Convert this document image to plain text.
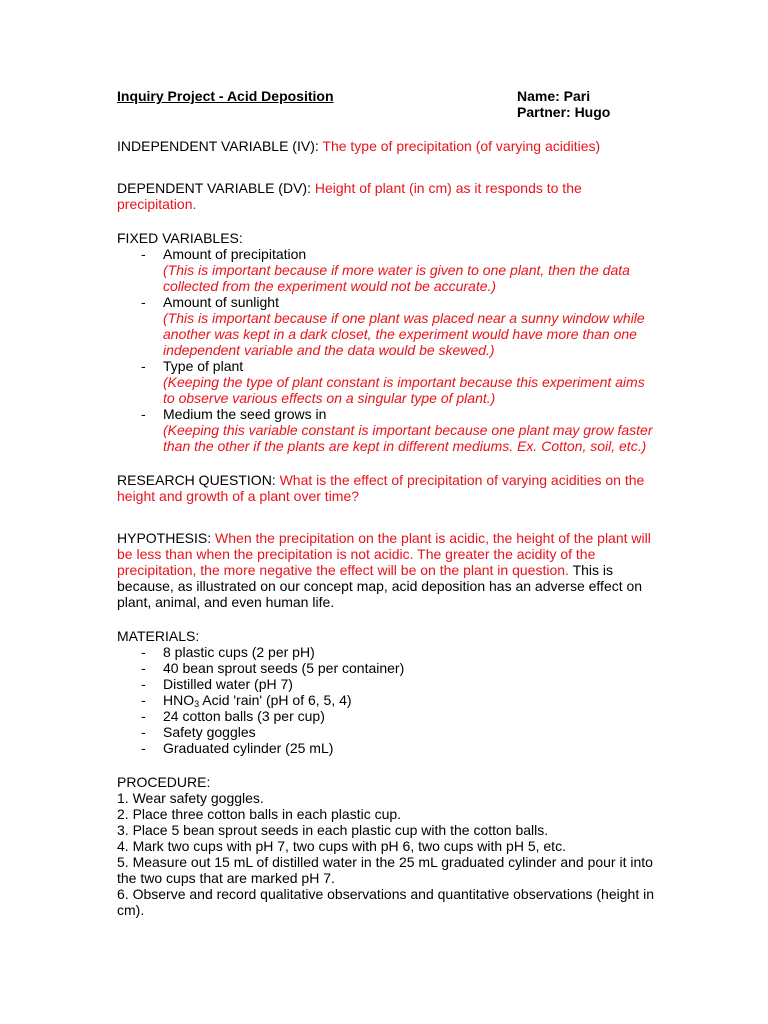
Inquiry Project - Acid Deposition	Name: Pari
Partner: Hugo
INDEPENDENT VARIABLE (IV): The type of precipitation (of varying acidities)
DEPENDENT VARIABLE (DV): Height of plant (in cm) as it responds to the precipitation.
FIXED VARIABLES:
- Amount of precipitation
(This is important because if more water is given to one plant, then the data collected from the experiment would not be accurate.)
- Amount of sunlight
(This is important because if one plant was placed near a sunny window while another was kept in a dark closet, the experiment would have more than one independent variable and the data would be skewed.)
- Type of plant
(Keeping the type of plant constant is important because this experiment aims to observe various effects on a singular type of plant.)
- Medium the seed grows in
(Keeping this variable constant is important because one plant may grow faster than the other if the plants are kept in different mediums. Ex. Cotton, soil, etc.)
RESEARCH QUESTION: What is the effect of precipitation of varying acidities on the height and growth of a plant over time?
HYPOTHESIS: When the precipitation on the plant is acidic, the height of the plant will be less than when the precipitation is not acidic. The greater the acidity of the precipitation, the more negative the effect will be on the plant in question. This is because, as illustrated on our concept map, acid deposition has an adverse effect on plant, animal, and even human life.
MATERIALS:
- 8 plastic cups (2 per pH)
- 40 bean sprout seeds (5 per container)
- Distilled water (pH 7)
- $HNO_3$ Acid 'rain' (pH of 6, 5, 4)
- 24 cotton balls (3 per cup)
- Safety goggles
- Graduated cylinder (25 mL)
PROCEDURE:
1. Wear safety goggles.
2. Place three cotton balls in each plastic cup.
3. Place 5 bean sprout seeds in each plastic cup with the cotton balls.
4. Mark two cups with pH 7, two cups with pH 6, two cups with pH 5, etc.
5. Measure out 15 mL of distilled water in the 25 mL graduated cylinder and pour it into the two cups that are marked pH 7.
6. Observe and record qualitative observations and quantitative observations (height in cm).
